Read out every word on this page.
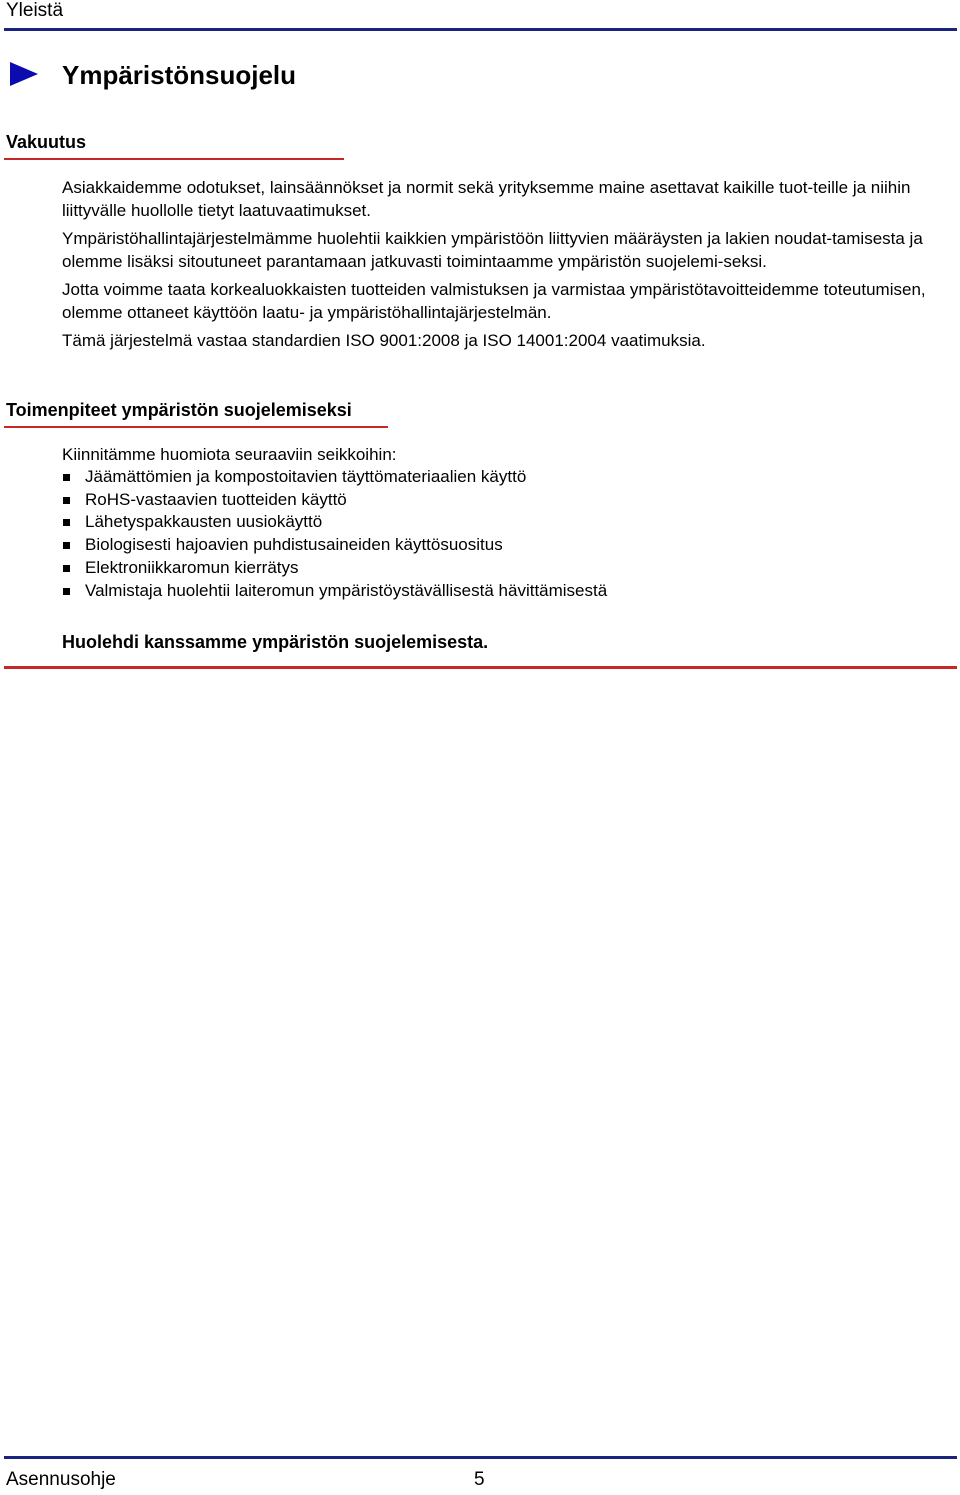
Yleistä
Ympäristönsuojelu
Vakuutus

Asiakkaidemme odotukset, lainsäännökset ja normit sekä yrityksemme maine asettavat kaikille tuot-teille ja niihin liittyvälle huollolle tietyt laatuvaatimukset.

Ympäristöhallintajärjestelmämme huolehtii kaikkien ympäristöön liittyvien määräysten ja lakien noudat-tamisesta ja olemme lisäksi sitoutuneet parantamaan jatkuvasti toimintaamme ympäristön suojelemi-seksi.

Jotta voimme taata korkealuokkaisten tuotteiden valmistuksen ja varmistaa ympäristötavoitteidemme toteutumisen, olemme ottaneet käyttöön laatu- ja ympäristöhallintajärjestelmän.

Tämä järjestelmä vastaa standardien ISO 9001:2008 ja ISO 14001:2004 vaatimuksia.

Toimenpiteet ympäristön suojelemiseksi
Kiinnitämme huomiota seuraaviin seikkoihin:
Jäämättömien ja kompostoitavien täyttömateriaalien käyttö
RoHS-vastaavien tuotteiden käyttö
Lähetyspakkausten uusiokäyttö
Biologisesti hajoavien puhdistusaineiden käyttösuositus
Elektroniikkaromun kierrätys
Valmistaja huolehtii laiteromun ympäristöystävällisestä hävittämisestä
Huolehdi kanssamme ympäristön suojelemisesta.
Asennusohje	5
